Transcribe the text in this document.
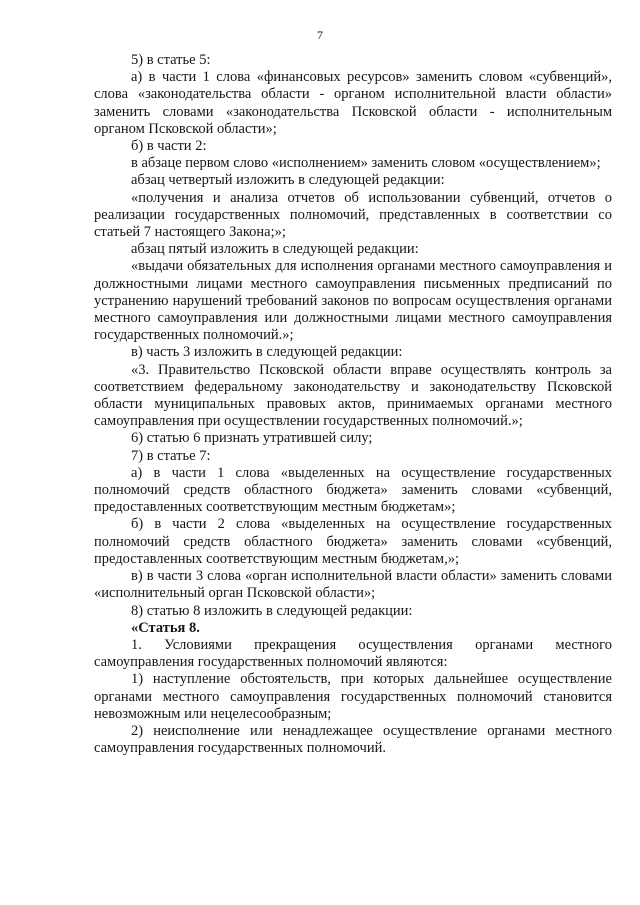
7

5) в статье 5:

а) в части 1 слова «финансовых ресурсов» заменить словом «субвенций», слова «законодательства области - органом исполнительной власти области» заменить словами «законодательства Псковской области - исполнительным органом Псковской области»;

б) в части 2:

в абзаце первом слово «исполнением» заменить словом «осуществлением»;

абзац четвертый изложить в следующей редакции:

«получения и анализа отчетов об использовании субвенций, отчетов о реализации государственных полномочий, представленных в соответствии со статьей 7 настоящего Закона;»;

абзац пятый изложить в следующей редакции:

«выдачи обязательных для исполнения органами местного самоуправления и должностными лицами местного самоуправления письменных предписаний по устранению нарушений требований законов по вопросам осуществления органами местного самоуправления или должностными лицами местного самоуправления государственных полномочий.»;

в) часть 3 изложить в следующей редакции:

«3. Правительство Псковской области вправе осуществлять контроль за соответствием федеральному законодательству и законодательству Псковской области муниципальных правовых актов, принимаемых органами местного самоуправления при осуществлении государственных полномочий.»;

6) статью 6 признать утратившей силу;

7) в статье 7:

а) в части 1 слова «выделенных на осуществление государственных полномочий средств областного бюджета» заменить словами «субвенций, предоставленных соответствующим местным бюджетам»;

б) в части 2 слова «выделенных на осуществление государственных полномочий средств областного бюджета» заменить словами «субвенций, предоставленных соответствующим местным бюджетам,»;

в) в части 3 слова «орган исполнительной власти области» заменить словами «исполнительный орган Псковской области»;

8) статью 8 изложить в следующей редакции:

«Статья 8.

1. Условиями прекращения осуществления органами местного самоуправления государственных полномочий являются:

1) наступление обстоятельств, при которых дальнейшее осуществление органами местного самоуправления государственных полномочий становится невозможным или нецелесообразным;

2) неисполнение или ненадлежащее осуществление органами местного самоуправления государственных полномочий.
